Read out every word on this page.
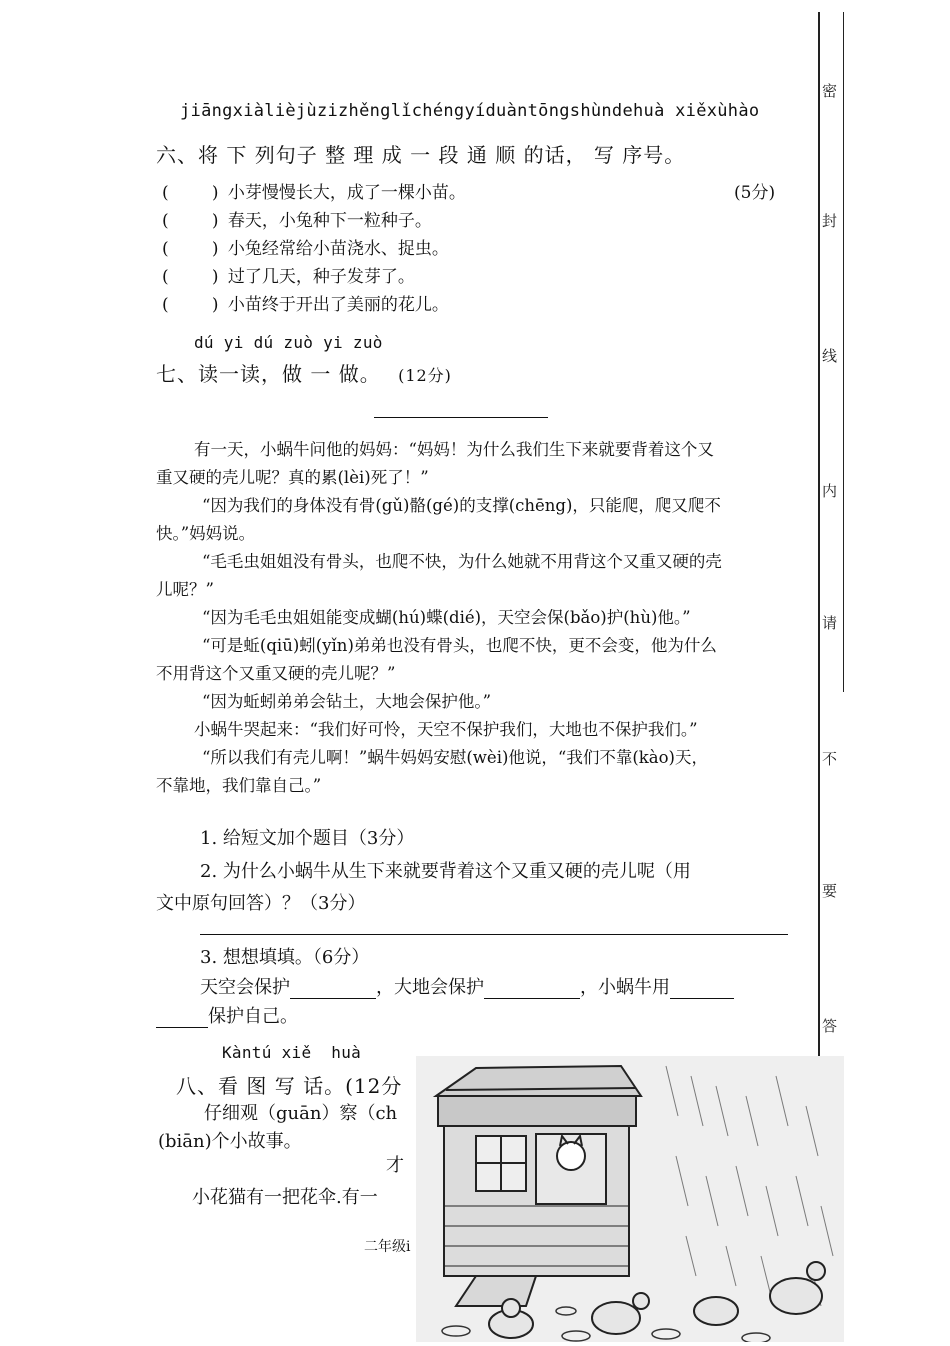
密
封
线
内
请
不
要
答
jiāngxiàlièjùzizhěnglǐchéngyíduàntōngshùndehuà xiěxùhào
六、将 下 列句子 整 理 成 一 段 通 顺 的话， 写 序号。
(        ) 小芽慢慢长大，成了一棵小苗。	(5分)
(        ) 春天，小兔种下一粒种子。
(        ) 小兔经常给小苗浇水、捉虫。
(        ) 过了几天，种子发芽了。
(        ) 小苗终于开出了美丽的花儿。
dú yi dú zuò yi zuò
七、读一读，做 一 做。 (12分)
有一天，小蜗牛问他的妈妈：“妈妈！为什么我们生下来就要背着这个又
重又硬的壳儿呢？真的累(lèi)死了！”
“因为我们的身体没有骨(gǔ)骼(gé)的支撑(chēng)，只能爬，爬又爬不
快。”妈妈说。
“毛毛虫姐姐没有骨头，也爬不快，为什么她就不用背这个又重又硬的壳
儿呢？”
“因为毛毛虫姐姐能变成蝴(hú)蝶(dié)，天空会保(bǎo)护(hù)他。”
“可是蚯(qiū)蚓(yǐn)弟弟也没有骨头，也爬不快，更不会变，他为什么
不用背这个又重又硬的壳儿呢？”
“因为蚯蚓弟弟会钻土，大地会保护他。”
小蜗牛哭起来：“我们好可怜，天空不保护我们，大地也不保护我们。”
“所以我们有壳儿啊！”蜗牛妈妈安慰(wèi)他说，“我们不靠(kào)天，
不靠地，我们靠自己。”
1. 给短文加个题目（3分）
2. 为什么小蜗牛从生下来就要背着这个又重又硬的壳儿呢（用
文中原句回答）？（3分）
3. 想想填填。（6分）
天空会保护	，大地会保护	，小蜗牛用
保护自己。
Kàntú xiě  huà
八、看 图 写 话。(12分
仔细观（guān）察（ch
(biān)个小故事。
才
小花猫有一把花伞.有一
二年级i
